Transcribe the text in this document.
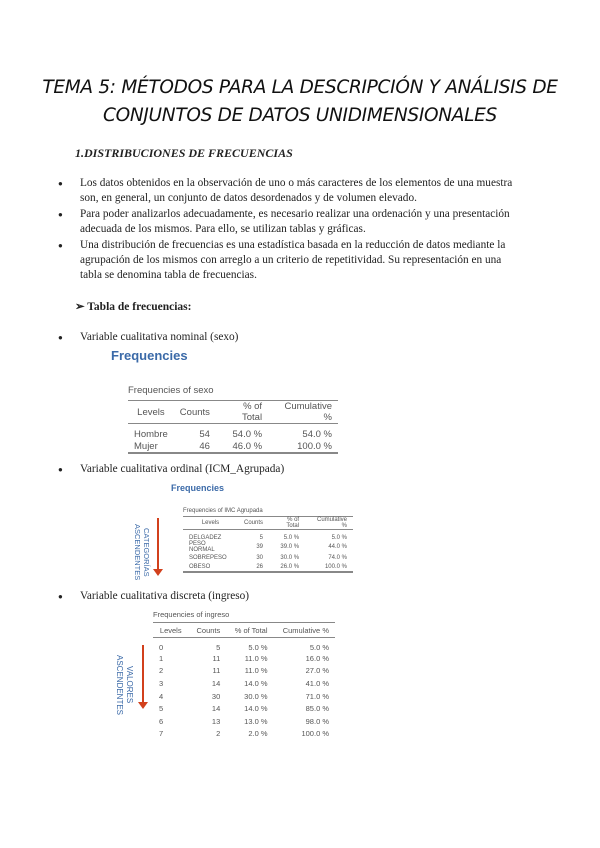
TEMA 5: MÉTODOS PARA LA DESCRIPCIÓN Y ANÁLISIS DE CONJUNTOS DE DATOS UNIDIMENSIONALES
1.DISTRIBUCIONES DE FRECUENCIAS
● Los datos obtenidos en la observación de uno o más caracteres de los elementos de una muestra son, en general, un conjunto de datos desordenados y de volumen elevado.
● Para poder analizarlos adecuadamente, es necesario realizar una ordenación y una presentación adecuada de los mismos. Para ello, se utilizan tablas y gráficas.
● Una distribución de frecuencias es una estadística basada en la reducción de datos mediante la agrupación de los mismos con arreglo a un criterio de repetitividad. Su representación en una tabla se denomina tabla de frecuencias.
➢ Tabla de frecuencias:
● Variable cualitativa nominal (sexo)
Frequencies
Frequencies of sexo
Levels	Counts	% of Total	Cumulative %
Hombre	54	54.0 %	54.0 %
Mujer	46	46.0 %	100.0 %

● Variable cualitativa ordinal (ICM_Agrupada)
Frequencies
CATEGORÍAS ASCENDENTES
Frequencies of IMC Agrupada
Levels	Counts	% of Total	Cumulative %
DELGADEZ	5	5.0 %	5.0 %
PESO NORMAL	39	39.0 %	44.0 %
SOBREPESO	30	30.0 %	74.0 %
OBESO	26	26.0 %	100.0 %

● Variable cualitativa discreta (ingreso)
VALORES ASCENDENTES
Frequencies of ingreso
Levels	Counts	% of Total	Cumulative %
0	5	5.0 %	5.0 %
1	11	11.0 %	16.0 %
2	11	11.0 %	27.0 %
3	14	14.0 %	41.0 %
4	30	30.0 %	71.0 %
5	14	14.0 %	85.0 %
6	13	13.0 %	98.0 %
7	2	2.0 %	100.0 %
